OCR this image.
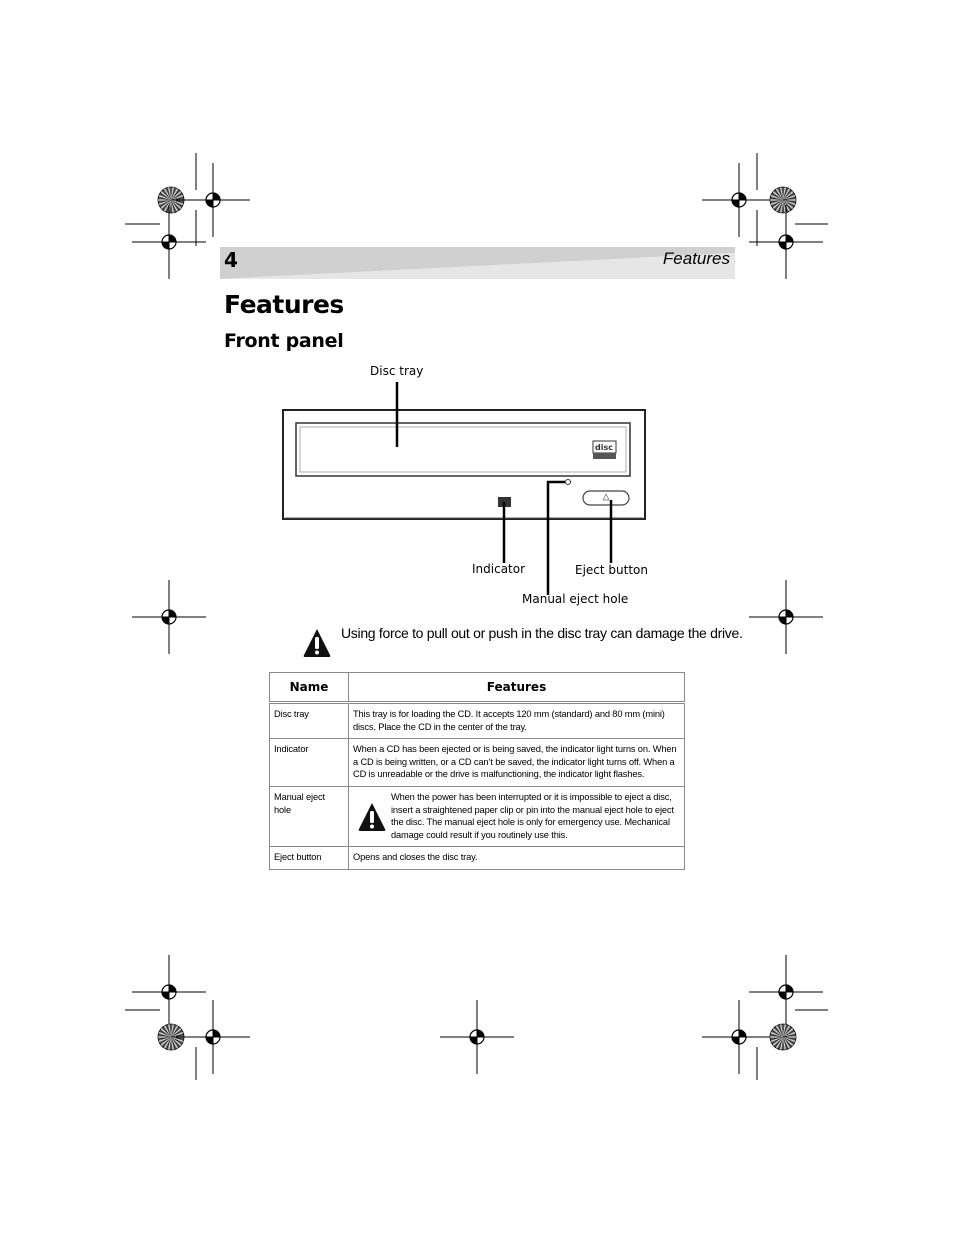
4	Features
Features
Front panel
disc
Disc tray
Indicator	Eject button
Manual eject hole
Using force to pull out or push in the disc tray can damage the drive.
Name	Features
Disc tray	This tray is for loading the CD. It accepts 120 mm (standard) and 80 mm (mini) discs. Place the CD in the center of the tray.
Indicator	When a CD has been ejected or is being saved, the indicator light turns on. When a CD is being written, or a CD can’t be saved, the indicator light turns off. When a CD is unreadable or the drive is malfunctioning, the indicator light flashes.
Manual eject hole	When the power has been interrupted or it is impossible to eject a disc, insert a straightened paper clip or pin into the manual eject hole to eject the disc. The manual eject hole is only for emergency use. Mechanical damage could result if you routinely use this.

Eject button	Opens and closes the disc tray.
